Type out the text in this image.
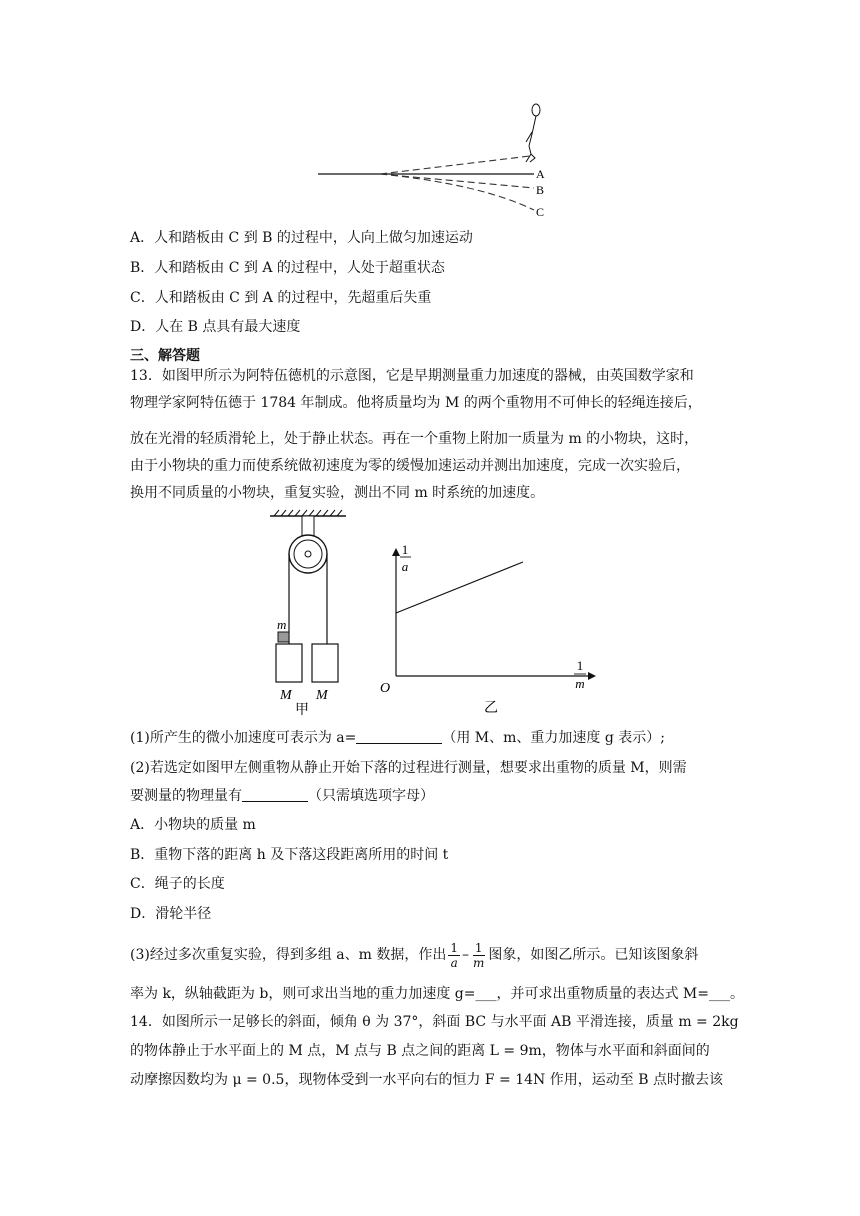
A
B
C
A．人和踏板由 C 到 B 的过程中，人向上做匀加速运动
B．人和踏板由 C 到 A 的过程中，人处于超重状态
C．人和踏板由 C 到 A 的过程中，先超重后失重
D．人在 B 点具有最大速度
三、解答题
13．如图甲所示为阿特伍德机的示意图，它是早期测量重力加速度的器械，由英国数学家和
物理学家阿特伍德于 1784 年制成。他将质量均为 M 的两个重物用不可伸长的轻绳连接后，
放在光滑的轻质滑轮上，处于静止状态。再在一个重物上附加一质量为 m 的小物块，这时，
由于小物块的重力而使系统做初速度为零的缓慢加速运动并测出加速度，完成一次实验后，
换用不同质量的小物块，重复实验，测出不同 m 时系统的加速度。
m
M M
甲
1
a
1
m
O
乙
(1)所产生的微小加速度可表示为 a=	（用 M、m、重力加速度 g 表示）;
(2)若选定如图甲左侧重物从静止开始下落的过程进行测量，想要求出重物的质量 M，则需
要测量的物理量有	（只需填选项字母）
A．小物块的质量 m
B．重物下落的距离 h 及下落这段距离所用的时间 t
C．绳子的长度
D．滑轮半径
(3)经过多次重复实验，得到多组 a、m 数据，作出 $\frac{1}{a} - \frac{1}{m}$ 图象，如图乙所示。已知该图象斜
率为 k，纵轴截距为 b，则可求出当地的重力加速度 g=___，并可求出重物质量的表达式 M=___。
14．如图所示一足够长的斜面，倾角 θ 为 37°，斜面 BC 与水平面 AB 平滑连接，质量 m = 2kg
的物体静止于水平面上的 M 点，M 点与 B 点之间的距离 L = 9m，物体与水平面和斜面间的
动摩擦因数均为 μ = 0.5，现物体受到一水平向右的恒力 F = 14N 作用，运动至 B 点时撤去该
